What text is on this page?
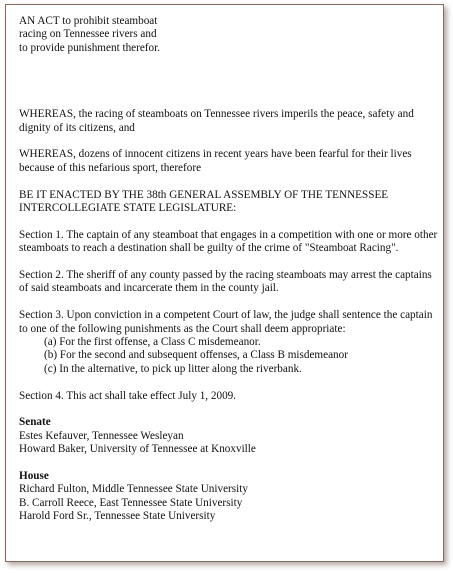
AN ACT to prohibit steamboat

racing on Tennessee rivers and

to provide punishment therefor.

WHEREAS, the racing of steamboats on Tennessee rivers imperils the peace, safety and dignity of its citizens, and

WHEREAS, dozens of innocent citizens in recent years have been fearful for their lives because of this nefarious sport, therefore

BE IT ENACTED BY THE 38th GENERAL ASSEMBLY OF THE TENNESSEE INTERCOLLEGIATE STATE LEGISLATURE:

Section 1. The captain of any steamboat that engages in a competition with one or more other steamboats to reach a destination shall be guilty of the crime of "Steamboat Racing".

Section 2. The sheriff of any county passed by the racing steamboats may arrest the captains of said steamboats and incarcerate them in the county jail.

Section 3. Upon conviction in a competent Court of law, the judge shall sentence the captain to one of the following punishments as the Court shall deem appropriate:

(a) For the first offense, a Class C misdemeanor.

(b) For the second and subsequent offenses, a Class B misdemeanor

(c) In the alternative, to pick up litter along the riverbank.

Section 4. This act shall take effect July 1, 2009.

Senate

Estes Kefauver, Tennessee Wesleyan

Howard Baker, University of Tennessee at Knoxville

House

Richard Fulton, Middle Tennessee State University

B. Carroll Reece, East Tennessee State University

Harold Ford Sr., Tennessee State University
